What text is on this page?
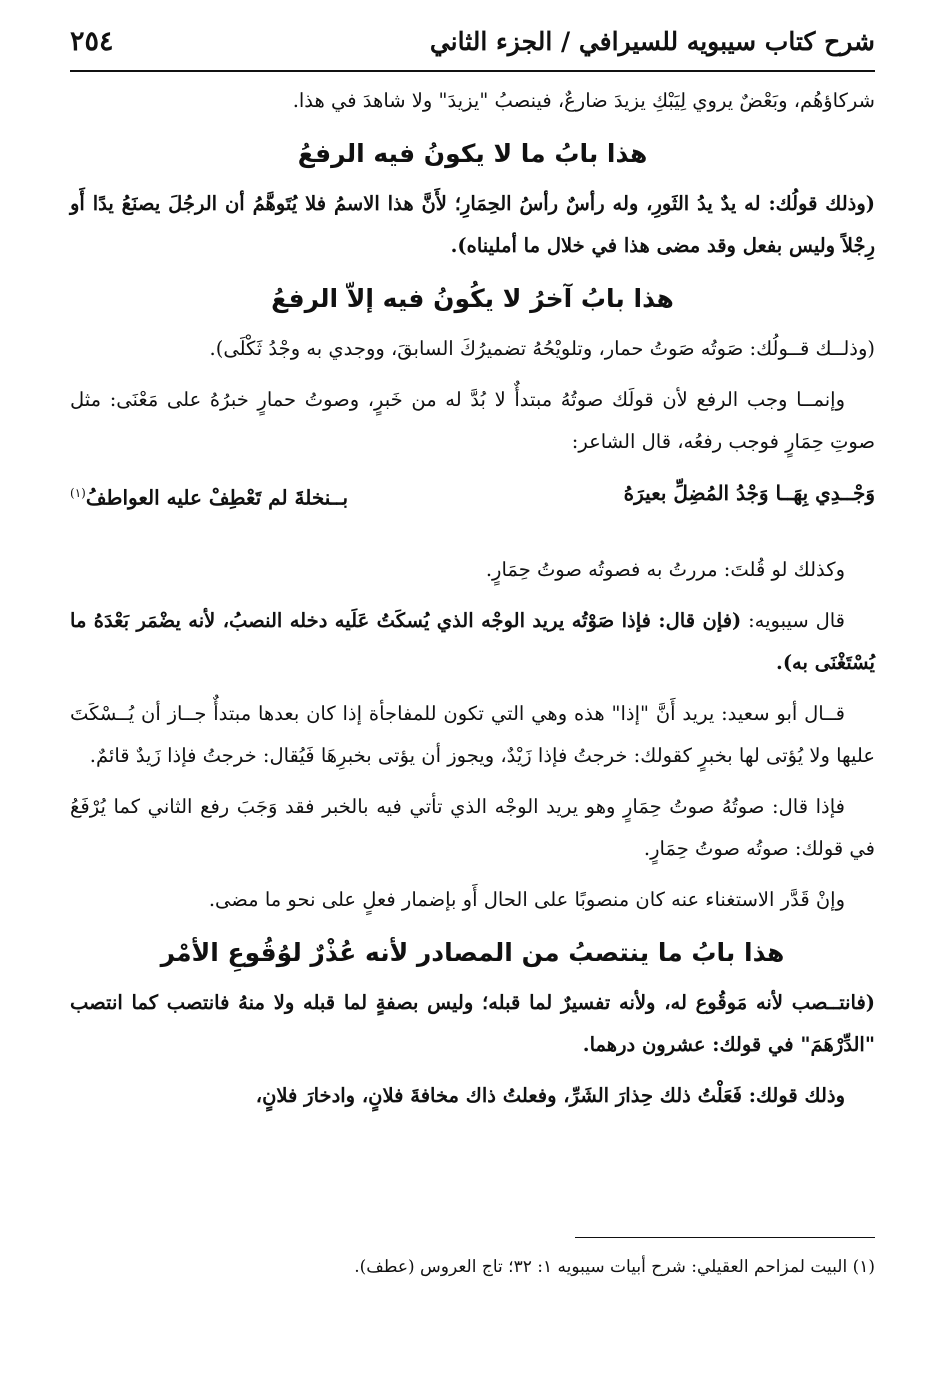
شرح كتاب سيبويه للسيرافي / الجزء الثاني
٢٥٤

شركاؤهُم، وبَعْضٌ يروي لِيَبْكِ يزيدَ ضارعٌ، فينصبُ "يزيدَ" ولا شاهدَ في هذا.

هذا بابُ ما لا يكونُ فيه الرفعُ

(وذلك قولُك: له يدٌ يدُ الثَورِ، وله رأسٌ رأسُ الحِمَارِ؛ لأَنَّ هذا الاسمُ فلا يُتَوهَّمُ أن الرجُلَ يصنَعُ يدًا أَو رِجْلاً وليس بفعل وقد مضى هذا في خلال ما أمليناه).

هذا بابُ آخرُ لا يكُونُ فيه إلاّ الرفعُ

(وذلــك قــولُك: صَوتُه صَوتُ حمار، وتلويْحُهُ تضميرُكَ السابقَ، ووجدي به وجْدُ ثَكْلَى).

وإنمــا وجب الرفع لأن قولَك صوتُهُ مبتدأٌ لا بُدَّ له من خَبرٍ، وصوتُ حمارٍ خبرُهُ على مَعْنَى: مثل صوتِ حِمَارٍ فوجب رفعُه، قال الشاعر:

وَجْــدِي بِهَــا وَجْدُ المُضِلِّ بعيرَهُ
بــنخلةَ لم تَعْطِفْ عليه العواطفُ$^{(١)}$

وكذلك لو قُلتَ: مررتُ به فصوتُه صوتُ حِمَارٍ.

قال سيبويه: (فإن قال: فإذا صَوْتُه يريد الوجْه الذي يُسكَتُ عَلَيه دخله النصبُ، لأنه يضْمَر بَعْدَهُ ما يُسْتَغْنَى به).

قــال أبو سعيد: يريد أَنَّ "إذا" هذه وهي التي تكون للمفاجأة إذا كان بعدها مبتدأٌ جــاز أن يُــسْكَتَ عليها ولا يُؤتى لها بخبرٍ كقولك: خرجتُ فإذا زَيْدٌ، ويجوز أن يؤتى بخبرِهَا فَيُقال: خرجتُ فإذا زَيدٌ قائمٌ.

فإذا قال: صوتُهُ صوتُ حِمَارٍ وهو يريد الوجْه الذي تأتي فيه بالخبر فقد وَجَبَ رفع الثاني كما يُرْفَعُ في قولك: صوتُه صوتُ حِمَارٍ.

وإنْ قَدَّر الاستغناء عنه كان منصوبًا على الحال أَو بإضمار فعلٍ على نحو ما مضى.

هذا بابُ ما ينتصبُ من المصادر لأنه عُذْرٌ لوُقُوعِ الأمْر

(فانتــصب لأنه مَوقُوع له، ولأنه تفسيرٌ لما قبله؛ وليس بصفةٍ لما قبله ولا منهُ فانتصب كما انتصب "الدِّرْهَمَ" في قولك: عشرون درهما.

وذلك قولك: فَعَلْتُ ذلك حِذارَ الشَرِّ، وفعلتُ ذاك مخافةَ فلانٍ، وادخارَ فلانٍ،

(١) البيت لمزاحم العقيلي: شرح أبيات سيبويه ١: ٣٢؛ تاج العروس (عطف).
